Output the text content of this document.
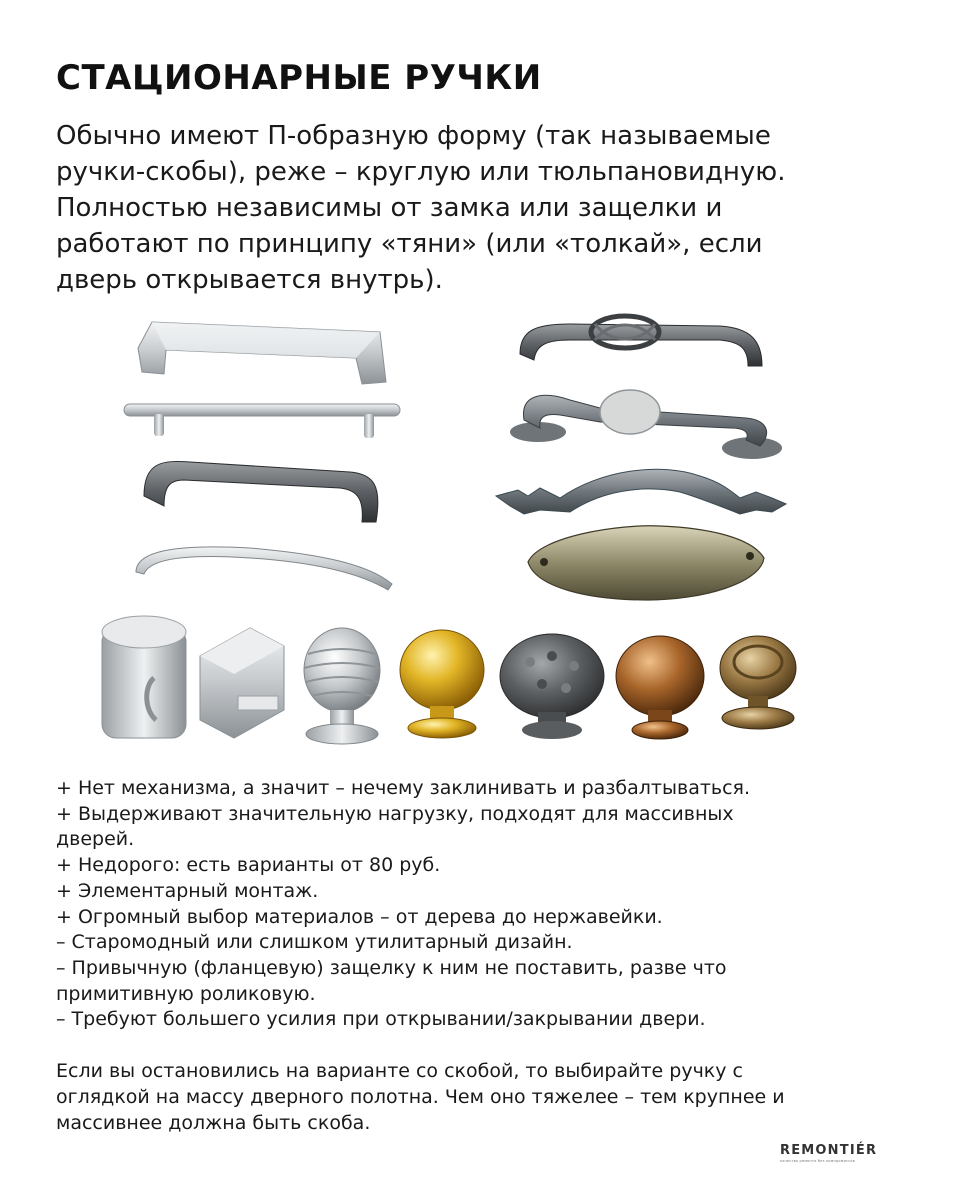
СТАЦИОНАРНЫЕ РУЧКИ

Обычно имеют П-образную форму (так называемые
ручки-скобы), реже – круглую или тюльпановидную.
Полностью независимы от замка или защелки и
работают по принципу «тяни» (или «толкай», если
дверь открывается внутрь).

+ Нет механизма, а значит – нечему заклинивать и разбалтываться.
+ Выдерживают значительную нагрузку, подходят для массивных
дверей.
+ Недорого: есть варианты от 80 руб.
+ Элементарный монтаж.
+ Огромный выбор материалов – от дерева до нержавейки.
– Старомодный или слишком утилитарный дизайн.
– Привычную (фланцевую) защелку к ним не поставить, разве что
примитивную роликовую.
– Требуют большего усилия при открывании/закрывании двери.

Если вы остановились на варианте со скобой, то выбирайте ручку с
оглядкой на массу дверного полотна. Чем оно тяжелее – тем крупнее и
массивнее должна быть скоба.

REMONTIÉR
качество ремонта без компромиссов
